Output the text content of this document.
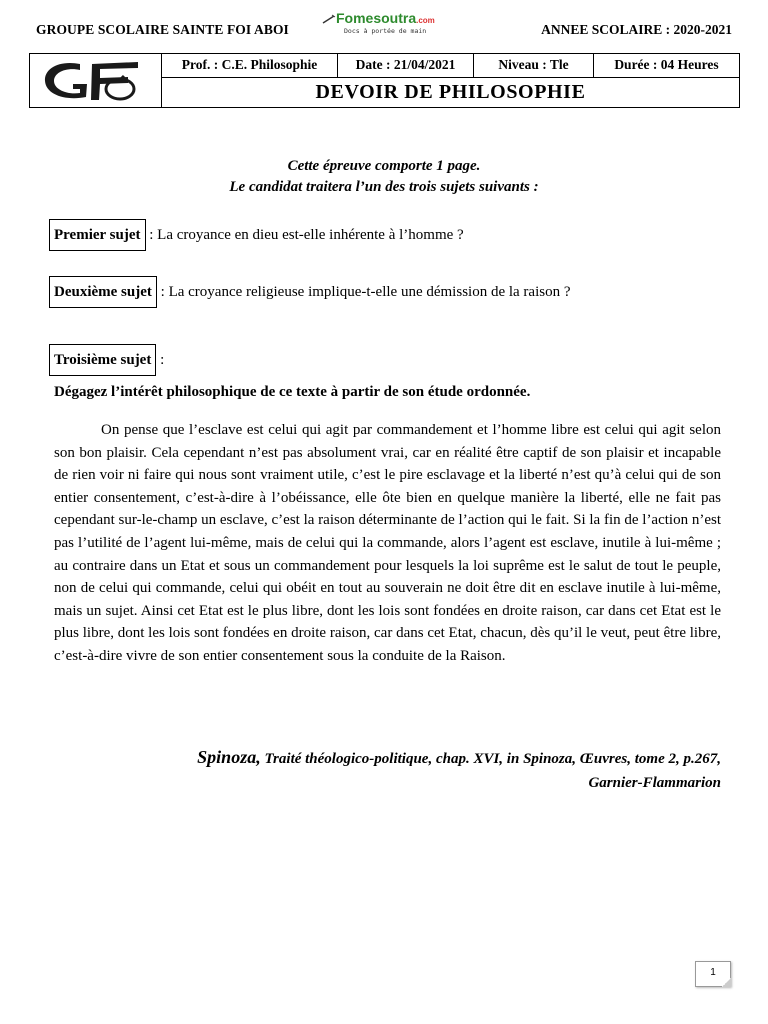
GROUPE SCOLAIRE SAINTE FOI ABOI	ANNEE SCOLAIRE : 2020-2021
Fomesoutra.com
Docs à portée de main
Prof. : C.E. Philosophie	Date : 21/04/2021	Niveau : Tle	Durée : 04 Heures
DEVOIR DE PHILOSOPHIE
Cette épreuve comporte 1 page.
Le candidat traitera l’un des trois sujets suivants :
Premier sujet : La croyance en dieu est-elle inhérente à l’homme ?
Deuxième sujet : La croyance religieuse implique-t-elle une démission de la raison ?
Troisième sujet :
Dégagez l’intérêt philosophique de ce texte à partir de son étude ordonnée.

On pense que l’esclave est celui qui agit par commandement et l’homme libre est celui qui agit selon son bon plaisir. Cela cependant n’est pas absolument vrai, car en réalité être captif de son plaisir et incapable de rien voir ni faire qui nous sont vraiment utile, c’est le pire esclavage et la liberté n’est qu’à celui qui de son entier consentement, c’est-à-dire à l’obéissance, elle ôte bien en quelque manière la liberté, elle ne fait pas cependant sur-le-champ un esclave, c’est la raison déterminante de l’action qui le fait. Si la fin de l’action n’est pas l’utilité de l’agent lui-même, mais de celui qui la commande, alors l’agent est esclave, inutile à lui-même ; au contraire dans un Etat et sous un commandement pour lesquels la loi suprême est le salut de tout le peuple, non de celui qui commande, celui qui obéit en tout au souverain ne doit être dit en esclave inutile à lui-même, mais un sujet. Ainsi cet Etat est le plus libre, dont les lois sont fondées en droite raison, car dans cet Etat est le plus libre, dont les lois sont fondées en droite raison, car dans cet Etat, chacun, dès qu’il le veut, peut être libre, c’est-à-dire vivre de son entier consentement sous la conduite de la Raison.

Spinoza, Traité théologico-politique, chap. XVI, in Spinoza, Œuvres, tome 2, p.267,
Garnier-Flammarion
1
